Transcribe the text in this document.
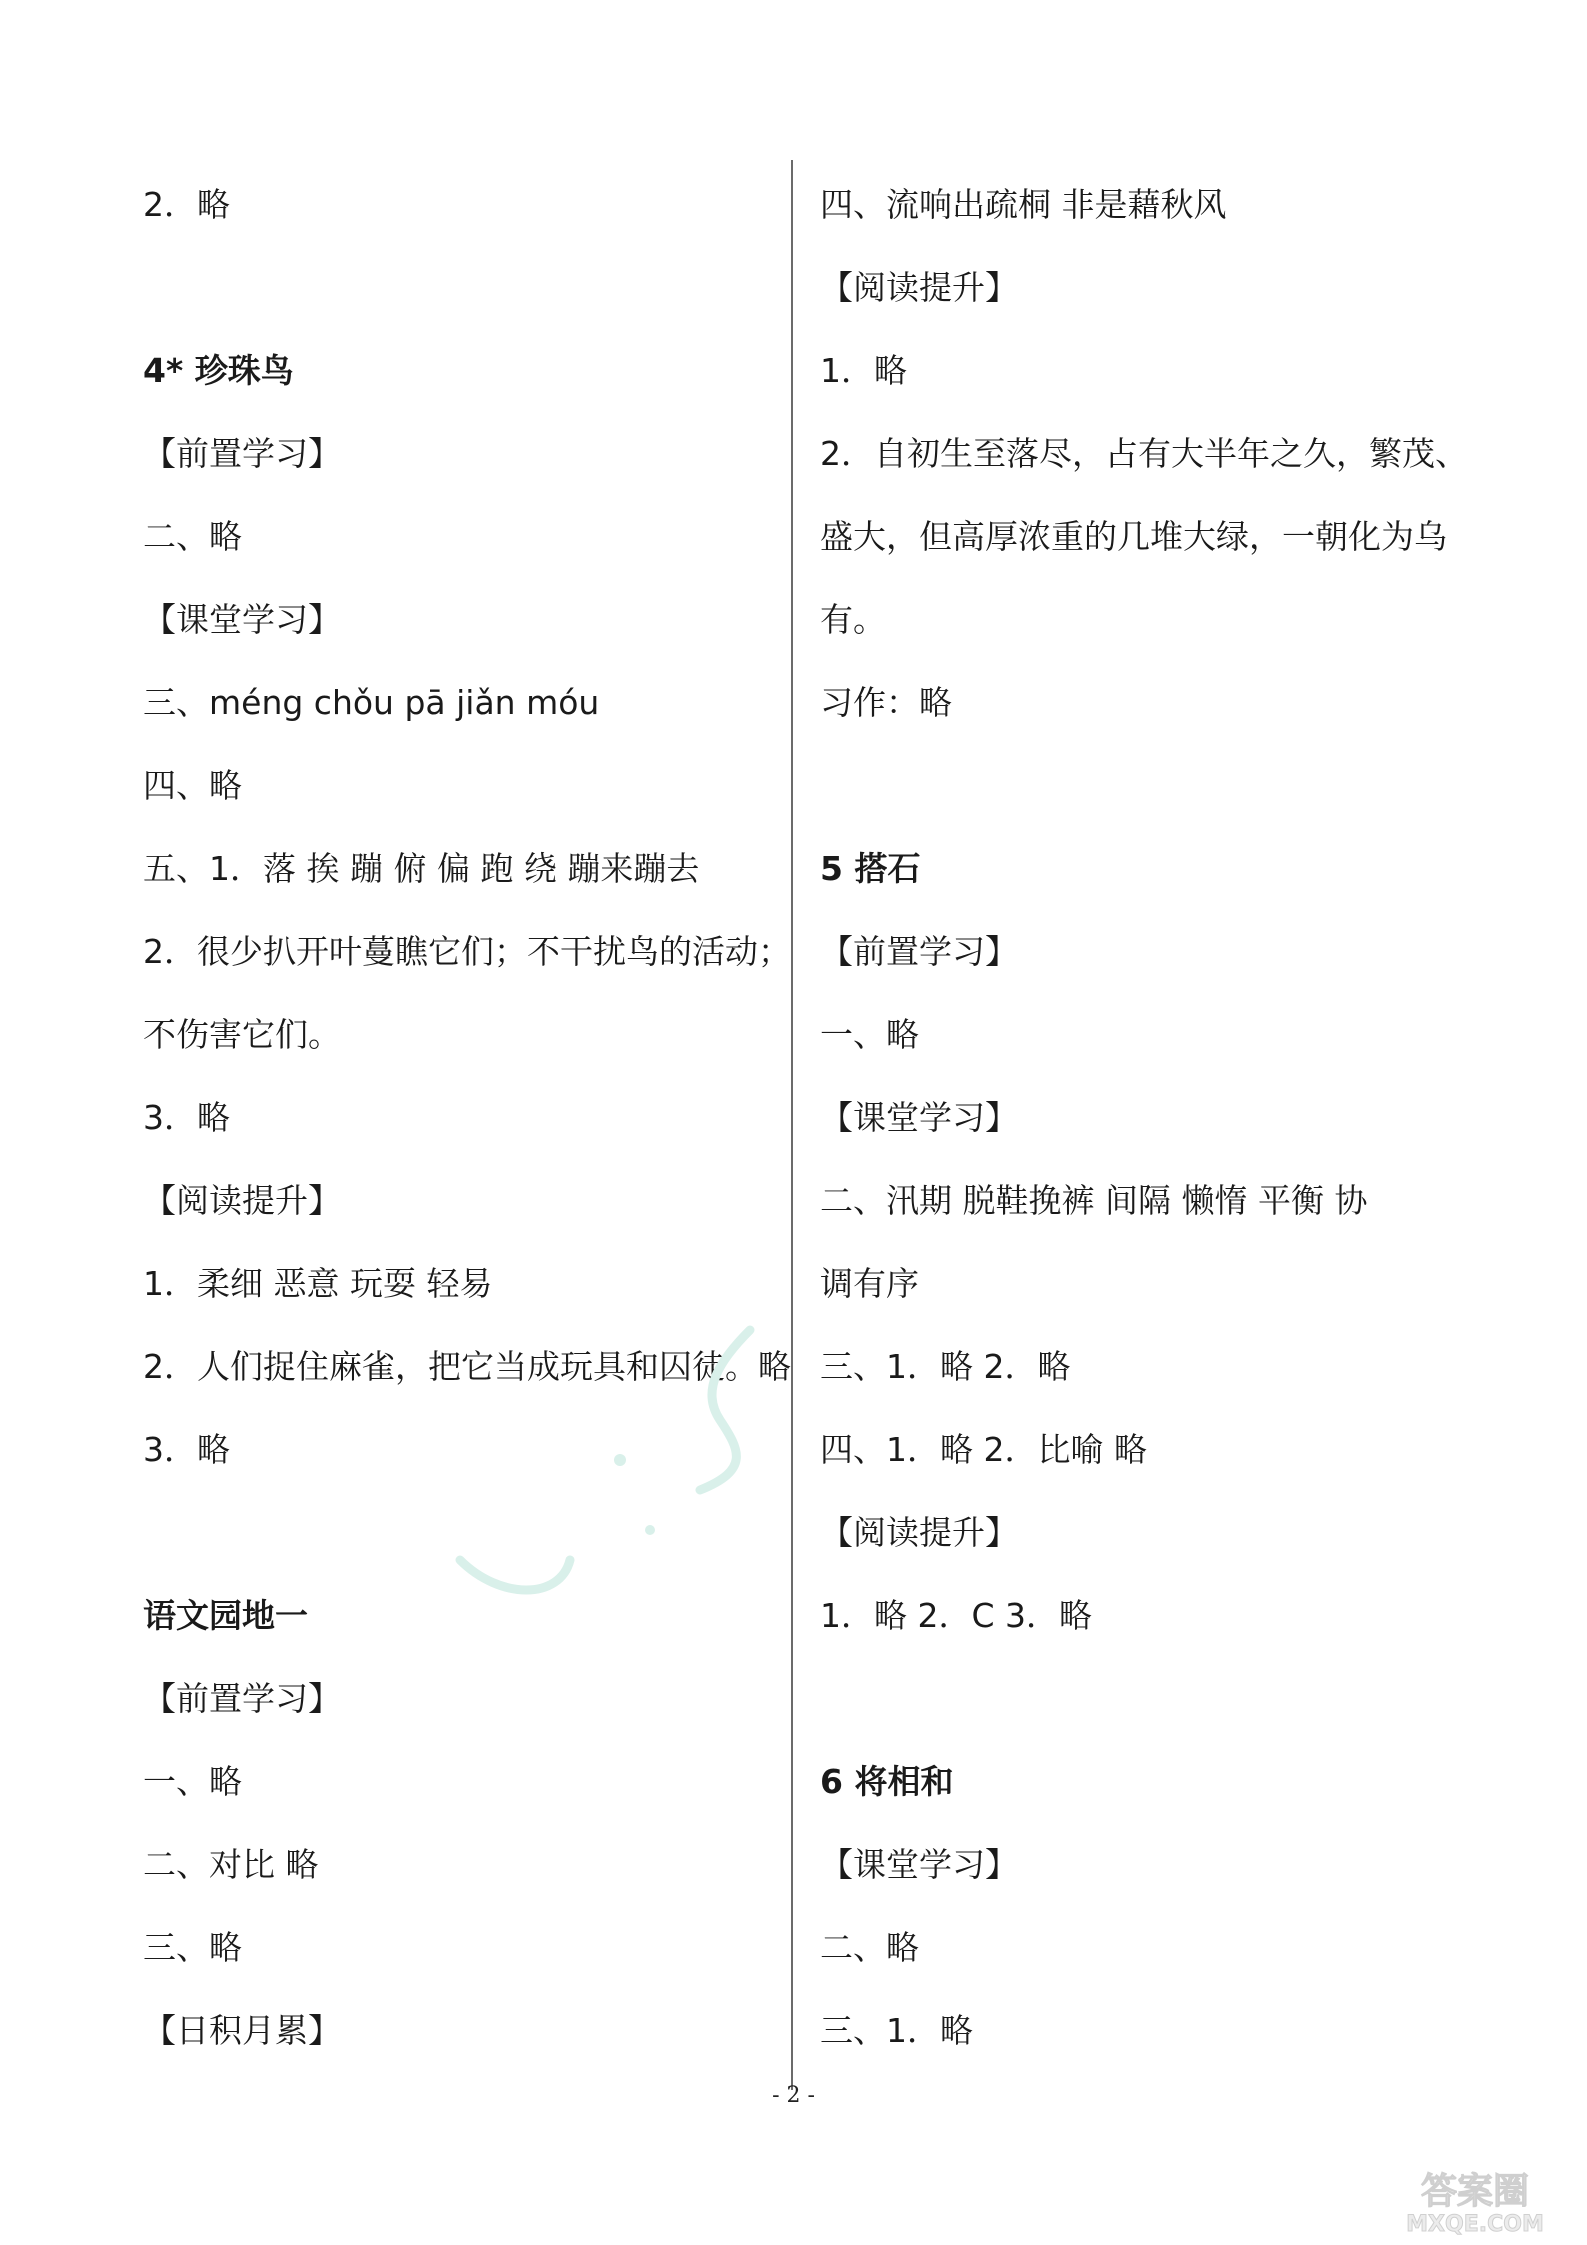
2．略
4* 珍珠鸟
【前置学习】
二、略
【课堂学习】
三、méng chǒu pā jiǎn móu
四、略
五、1．落 挨 蹦 俯 偏 跑 绕 蹦来蹦去
2．很少扒开叶蔓瞧它们；不干扰鸟的活动；
不伤害它们。
3．略
【阅读提升】
1．柔细 恶意 玩耍 轻易
2．人们捉住麻雀，把它当成玩具和囚徒。略
3．略
语文园地一
【前置学习】
一、略
二、对比 略
三、略
【日积月累】
四、流响出疏桐 非是藉秋风
【阅读提升】
1．略
2．自初生至落尽，占有大半年之久，繁茂、
盛大，但高厚浓重的几堆大绿，一朝化为乌
有。
习作：略
5 搭石
【前置学习】
一、略
【课堂学习】
二、汛期 脱鞋挽裤 间隔 懒惰 平衡 协
调有序
三、1．略 2．略
四、1．略 2．比喻 略
【阅读提升】
1．略 2．C 3．略
6 将相和
【课堂学习】
二、略
三、1．略
- 2 -
答案圈
MXQE.COM
